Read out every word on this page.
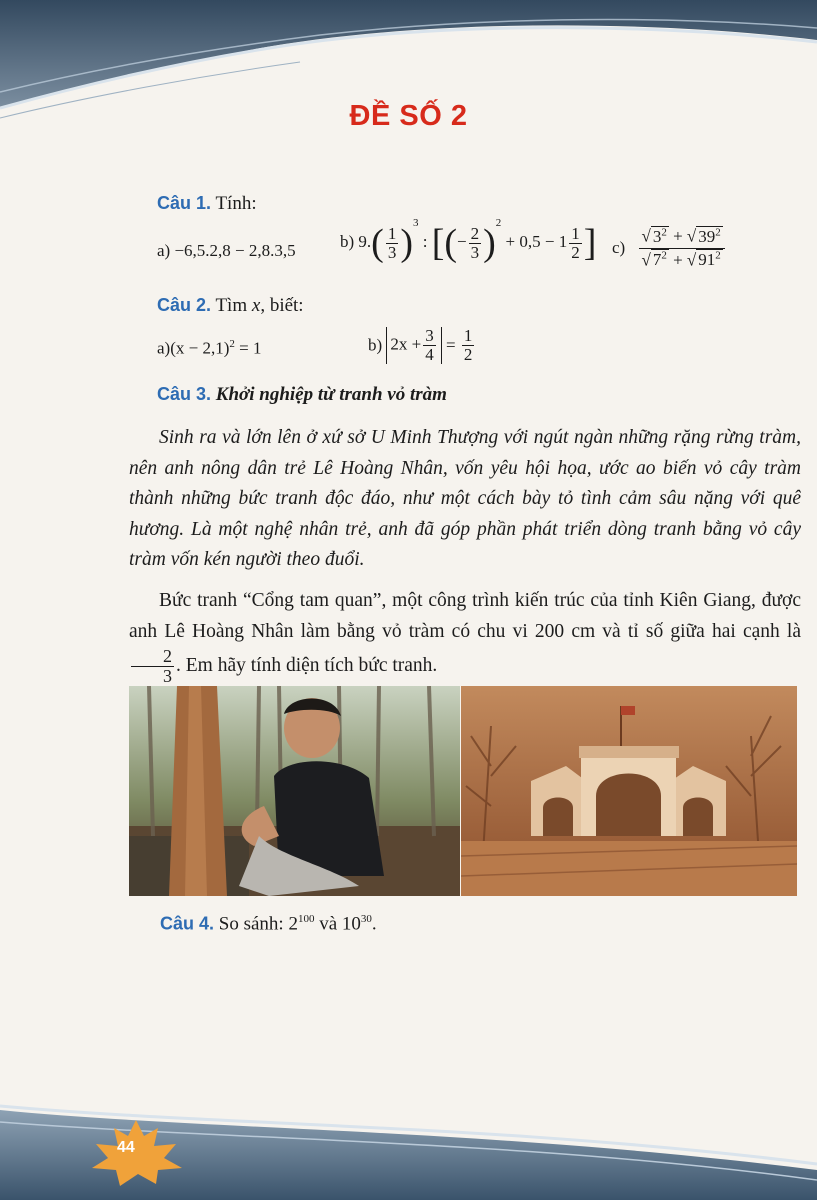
ĐỀ SỐ 2
Câu 1. Tính:
a) −6,5.2,8 − 2,8.3,5	b) $9.( \frac{1}{3} )^3$ : [(− $\frac{2}{3} )^2 + 0,5 - 1 \frac{1}{2}$ ] $c) \frac{√ 3^2 + √ 39^2}{√ 7^2 + √ 91^2}$
Câu 2. Tìm x, biết:
$a)(x - 2,1)^2 = 1$	b) $2x + \frac{3}{4} = \frac{1}{2}$
Câu 3. Khởi nghiệp từ tranh vỏ tràm
Sinh ra và lớn lên ở xứ sở U Minh Thượng với ngút ngàn những rặng rừng tràm, nên anh nông dân trẻ Lê Hoàng Nhân, vốn yêu hội họa, ước ao biến vỏ cây tràm thành những bức tranh độc đáo, như một cách bày tỏ tình cảm sâu nặng với quê hương. Là một nghệ nhân trẻ, anh đã góp phần phát triển dòng tranh bằng vỏ cây tràm vốn kén người theo đuổi.
Bức tranh “Cổng tam quan”, một công trình kiến trúc của tỉnh Kiên Giang, được anh Lê Hoàng Nhân làm bằng vỏ tràm có chu vi 200 cm và tỉ số giữa hai cạnh là
$\frac{2}{3}$ . Em hãy tính diện tích bức tranh.
Câu 4. So sánh: $2^{100}$ và $10^{30}$.
44
